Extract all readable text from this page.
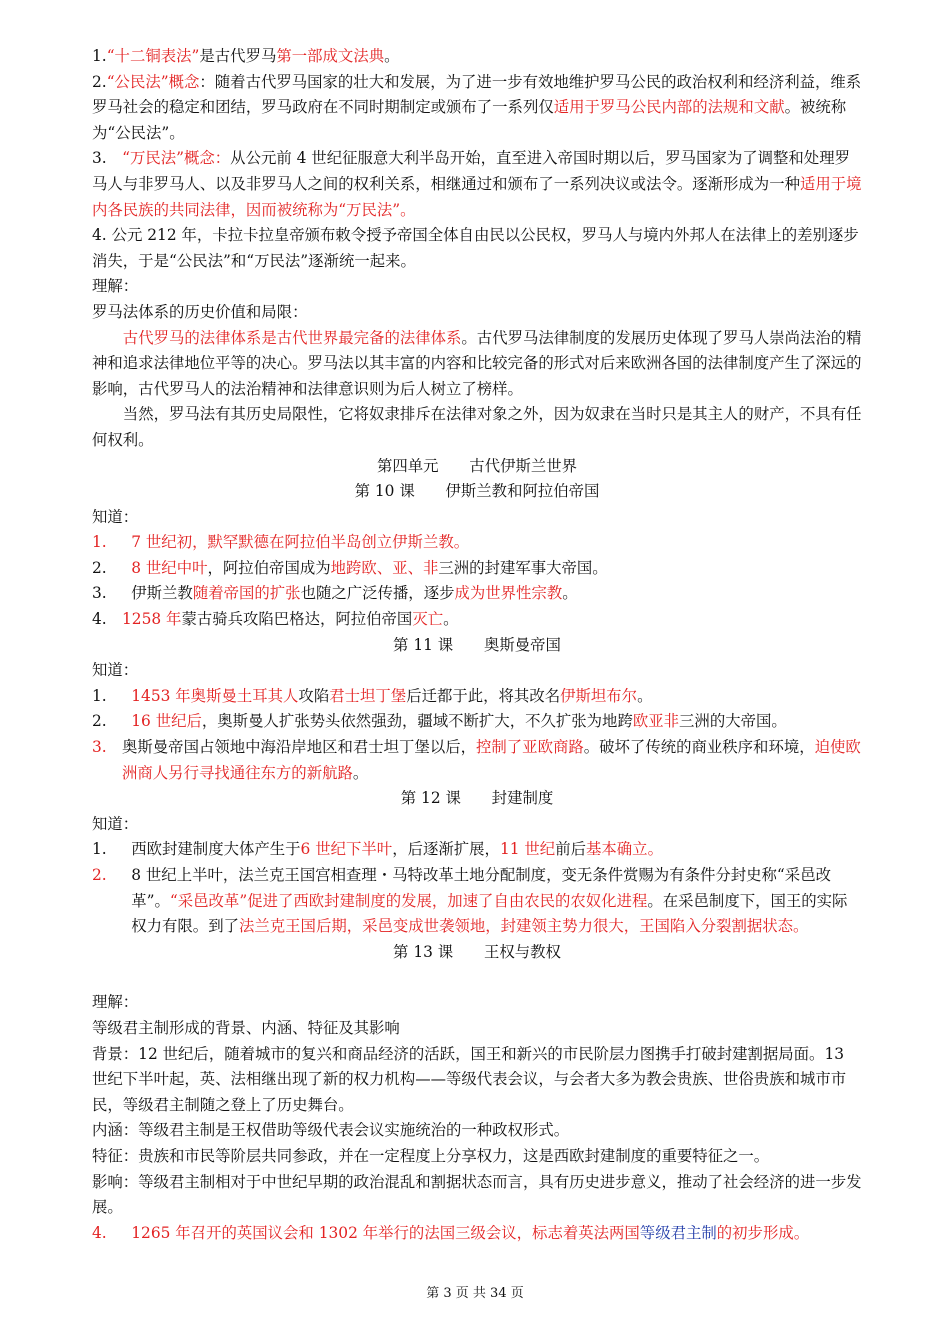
1.“十二铜表法”是古代罗马第一部成文法典。

2.“公民法”概念：随着古代罗马国家的壮大和发展，为了进一步有效地维护罗马公民的政治权利和经济利益，维系罗马社会的稳定和团结，罗马政府在不同时期制定或颁布了一系列仅适用于罗马公民内部的法规和文献。被统称为“公民法”。

3.　“万民法”概念：从公元前 4 世纪征服意大利半岛开始，直至进入帝国时期以后，罗马国家为了调整和处理罗马人与非罗马人、以及非罗马人之间的权利关系，相继通过和颁布了一系列决议或法令。逐渐形成为一种适用于境内各民族的共同法律，因而被统称为“万民法”。

4. 公元 212 年，卡拉卡拉皇帝颁布敕令授予帝国全体自由民以公民权，罗马人与境内外邦人在法律上的差别逐步消失，于是“公民法”和“万民法”逐渐统一起来。

理解：

罗马法体系的历史价值和局限：

古代罗马的法律体系是古代世界最完备的法律体系。古代罗马法律制度的发展历史体现了罗马人崇尚法治的精神和追求法律地位平等的决心。罗马法以其丰富的内容和比较完备的形式对后来欧洲各国的法律制度产生了深远的影响，古代罗马人的法治精神和法律意识则为后人树立了榜样。

当然，罗马法有其历史局限性，它将奴隶排斥在法律对象之外，因为奴隶在当时只是其主人的财产，不具有任何权利。

第四单元　　古代伊斯兰世界

第 10 课　　伊斯兰教和阿拉伯帝国

知道：

1.	7 世纪初，默罕默德在阿拉伯半岛创立伊斯兰教。
2.	8 世纪中叶，阿拉伯帝国成为地跨欧、亚、非三洲的封建军事大帝国。
3.	伊斯兰教随着帝国的扩张也随之广泛传播，逐步成为世界性宗教。
4. 1258 年蒙古骑兵攻陷巴格达，阿拉伯帝国灭亡。

第 11 课　　奥斯曼帝国

知道：

1.	1453 年奥斯曼土耳其人攻陷君士坦丁堡后迁都于此，将其改名伊斯坦布尔。
2.	16 世纪后，奥斯曼人扩张势头依然强劲，疆域不断扩大，不久扩张为地跨欧亚非三洲的大帝国。
3. 奥斯曼帝国占领地中海沿岸地区和君士坦丁堡以后，控制了亚欧商路。破坏了传统的商业秩序和环境，迫使欧洲商人另行寻找通往东方的新航路。

第 12 课　　封建制度

知道：

1.	西欧封建制度大体产生于6 世纪下半叶，后逐渐扩展，11 世纪前后基本确立。
2.	8 世纪上半叶，法兰克王国宫相查理・马特改革土地分配制度，变无条件赏赐为有条件分封史称“采邑改革”。“采邑改革”促进了西欧封建制度的发展，加速了自由农民的农奴化进程。在采邑制度下，国王的实际权力有限。到了法兰克王国后期，采邑变成世袭领地，封建领主势力很大，王国陷入分裂割据状态。

第 13 课　　王权与教权

理解：

等级君主制形成的背景、内涵、特征及其影响

背景：12 世纪后，随着城市的复兴和商品经济的活跃，国王和新兴的市民阶层力图携手打破封建割据局面。13 世纪下半叶起，英、法相继出现了新的权力机构——等级代表会议，与会者大多为教会贵族、世俗贵族和城市市民，等级君主制随之登上了历史舞台。

内涵：等级君主制是王权借助等级代表会议实施统治的一种政权形式。

特征：贵族和市民等阶层共同参政，并在一定程度上分享权力，这是西欧封建制度的重要特征之一。

影响：等级君主制相对于中世纪早期的政治混乱和割据状态而言，具有历史进步意义，推动了社会经济的进一步发展。

4.	1265 年召开的英国议会和 1302 年举行的法国三级会议，标志着英法两国等级君主制的初步形成。
第 3 页 共 34 页
